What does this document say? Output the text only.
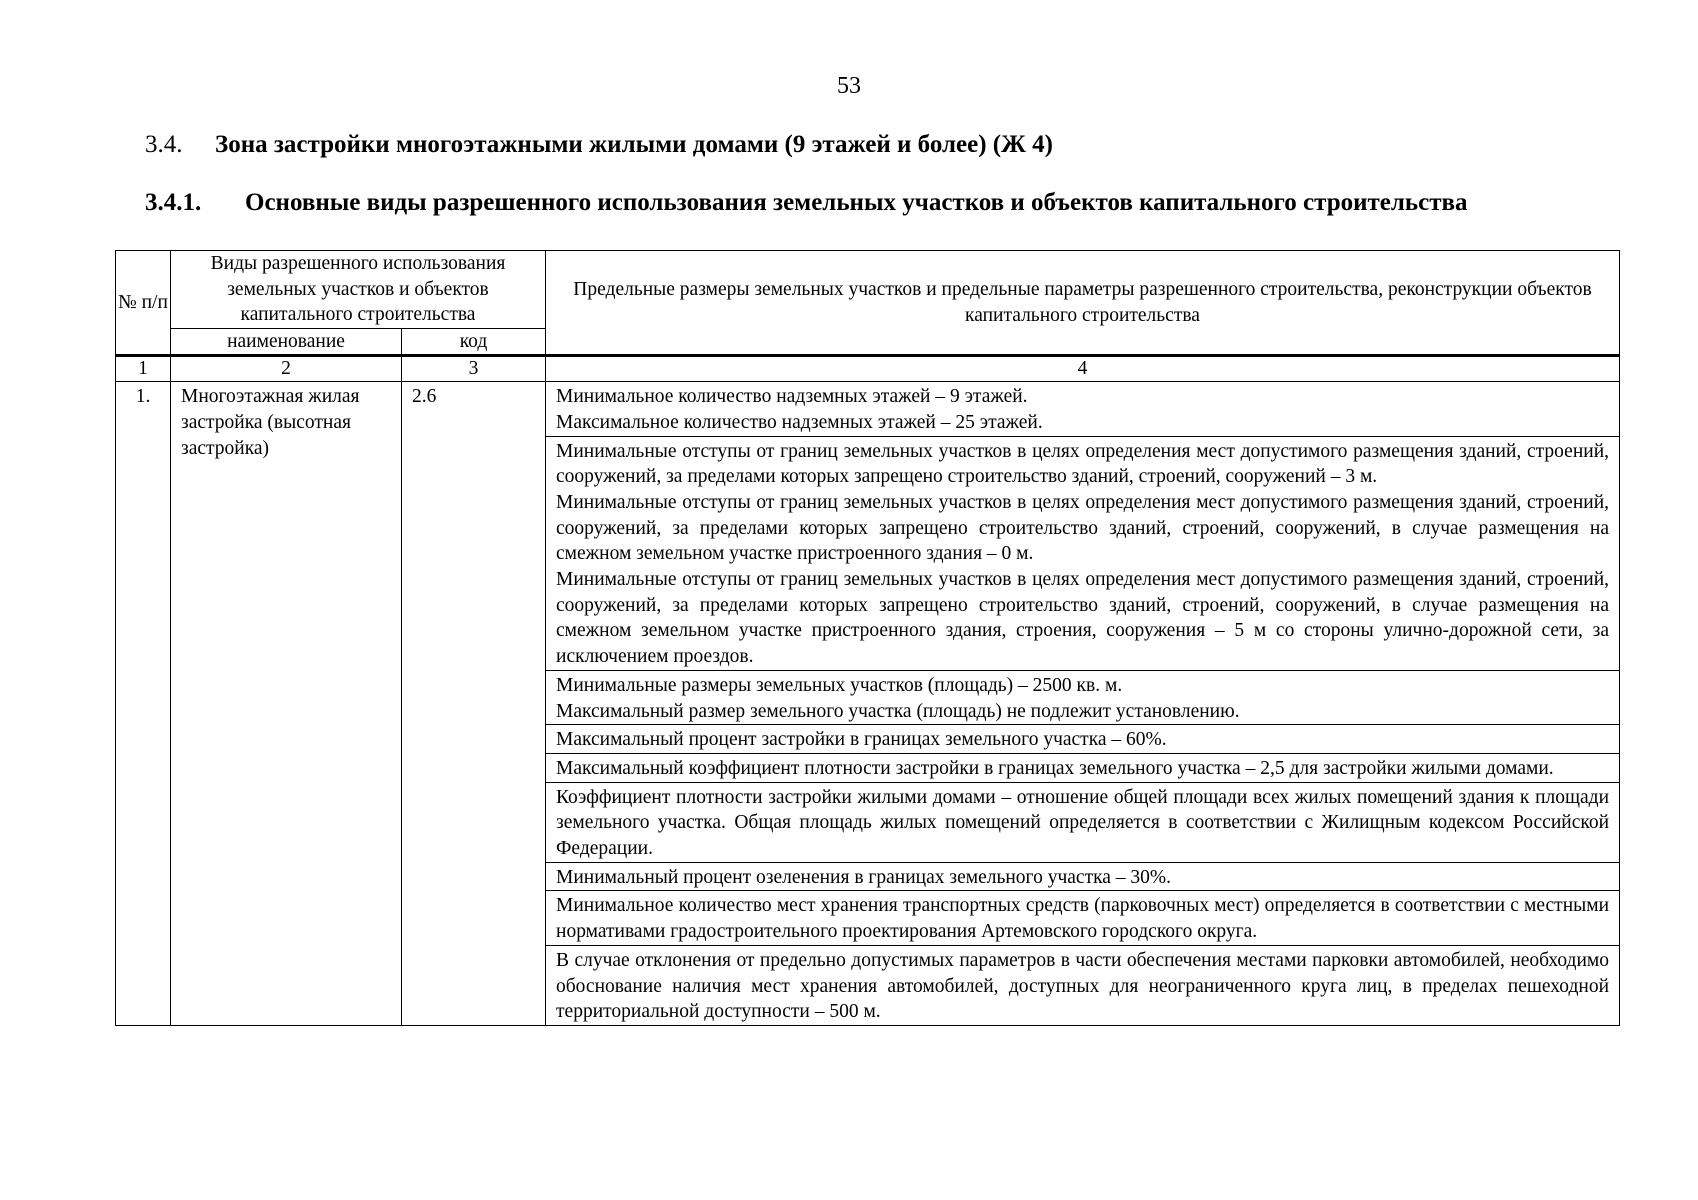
53
3.4. Зона застройки многоэтажными жилыми домами (9 этажей и более) (Ж 4)
3.4.1. Основные виды разрешенного использования земельных участков и объектов капитального строительства
№ п/п	Виды разрешенного использования земельных участков и объектов капитального строительства		Предельные размеры земельных участков и предельные параметры разрешенного строительства, реконструкции объектов капитального строительства
	наименование	код	
1	2	3	4
1.	Многоэтажная жилая застройка (высотная застройка)	2.6	Минимальное количество надземных этажей – 9 этажей.

Максимальное количество надземных этажей – 25 этажей.

			Минимальные отступы от границ земельных участков в целях определения мест допустимого размещения зданий, строений, сооружений, за пределами которых запрещено строительство зданий, строений, сооружений – 3 м.

Минимальные отступы от границ земельных участков в целях определения мест допустимого размещения зданий, строений, сооружений, за пределами которых запрещено строительство зданий, строений, сооружений, в случае размещения на смежном земельном участке пристроенного здания – 0 м.

Минимальные отступы от границ земельных участков в целях определения мест допустимого размещения зданий, строений, сооружений, за пределами которых запрещено строительство зданий, строений, сооружений, в случае размещения на смежном земельном участке пристроенного здания, строения, сооружения – 5 м со стороны улично-дорожной сети, за исключением проездов.

			Минимальные размеры земельных участков (площадь) – 2500 кв. м.

Максимальный размер земельного участка (площадь) не подлежит установлению.

			Максимальный процент застройки в границах земельного участка – 60%.

			Максимальный коэффициент плотности застройки в границах земельного участка – 2,5 для застройки жилыми домами.

			Коэффициент плотности застройки жилыми домами – отношение общей площади всех жилых помещений здания к площади земельного участка. Общая площадь жилых помещений определяется в соответствии с Жилищным кодексом Российской Федерации.

			Минимальный процент озеленения в границах земельного участка – 30%.

			Минимальное количество мест хранения транспортных средств (парковочных мест) определяется в соответствии с местными нормативами градостроительного проектирования Артемовского городского округа.

			В случае отклонения от предельно допустимых параметров в части обеспечения местами парковки автомобилей, необходимо обоснование наличия мест хранения автомобилей, доступных для неограниченного круга лиц, в пределах пешеходной территориальной доступности – 500 м.
